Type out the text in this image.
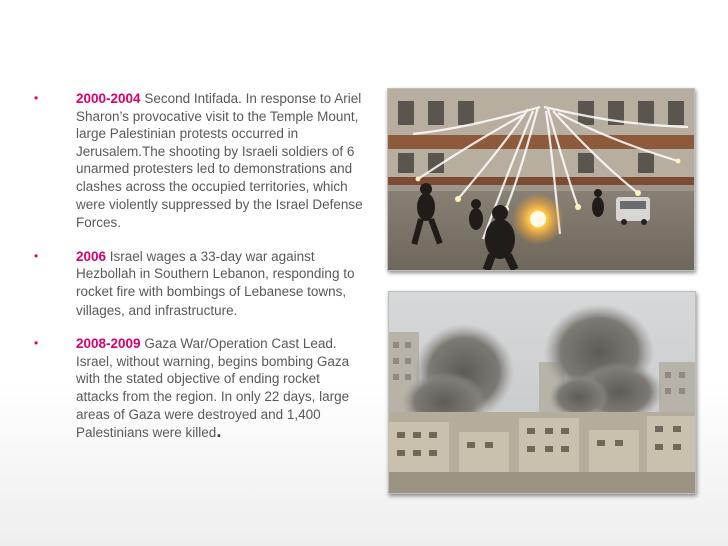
•	2000-2004 Second Intifada. In response to Ariel Sharon’s provocative visit to the Temple Mount, large Palestinian protests occurred in Jerusalem.The shooting by Israeli soldiers of 6 unarmed protesters led to demonstrations and clashes across the occupied territories, which were violently suppressed by the Israel Defense Forces.
•	2006 Israel wages a 33-day war against Hezbollah in Southern Lebanon, responding to rocket fire with bombings of Lebanese towns, villages, and infrastructure.
•	2008-2009 Gaza War/Operation Cast Lead. Israel, without warning, begins bombing Gaza with the stated objective of ending rocket attacks from the region. In only 22 days, large areas of Gaza were destroyed and 1,400 Palestinians were killed.
